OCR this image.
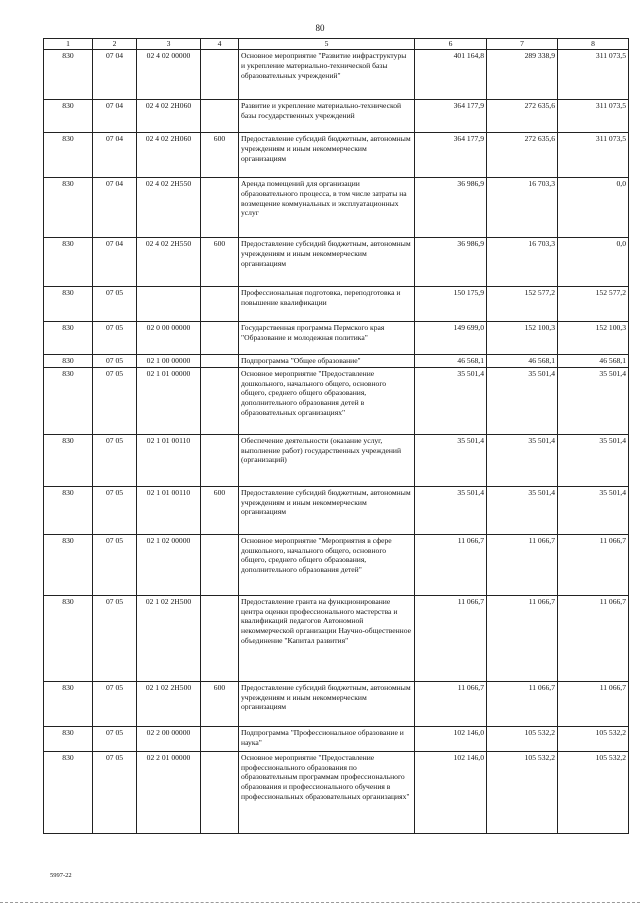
80
1	2	3	4	5	6	7	8
830	07 04	02 4 02 00000		Основное мероприятие "Развитие инфраструктуры и укрепление материально-технической базы образовательных учреждений"	401 164,8	289 338,9	311 073,5
830	07 04	02 4 02 2Н060		Развитие и укрепление материально-технической базы государственных учреждений	364 177,9	272 635,6	311 073,5
830	07 04	02 4 02 2Н060	600	Предоставление субсидий бюджетным, автономным учреждениям и иным некоммерческим организациям	364 177,9	272 635,6	311 073,5
830	07 04	02 4 02 2Н550		Аренда помещений для организации образовательного процесса, в том числе затраты на возмещение коммунальных и эксплуатационных услуг	36 986,9	16 703,3	0,0
830	07 04	02 4 02 2Н550	600	Предоставление субсидий бюджетным, автономным учреждениям и иным некоммерческим организациям	36 986,9	16 703,3	0,0
830	07 05			Профессиональная подготовка, переподготовка и повышение квалификации	150 175,9	152 577,2	152 577,2
830	07 05	02 0 00 00000		Государственная программа Пермского края "Образование и молодежная политика"	149 699,0	152 100,3	152 100,3
830	07 05	02 1 00 00000		Подпрограмма "Общее образование"	46 568,1	46 568,1	46 568,1
830	07 05	02 1 01 00000		Основное мероприятие "Предоставление дошкольного, начального общего, основного общего, среднего общего образования, дополнительного образования детей в образовательных организациях"	35 501,4	35 501,4	35 501,4
830	07 05	02 1 01 00110		Обеспечение деятельности (оказание услуг, выполнение работ) государственных учреждений (организаций)	35 501,4	35 501,4	35 501,4
830	07 05	02 1 01 00110	600	Предоставление субсидий бюджетным, автономным учреждениям и иным некоммерческим организациям	35 501,4	35 501,4	35 501,4
830	07 05	02 1 02 00000		Основное мероприятие "Мероприятия в сфере дошкольного, начального общего, основного общего, среднего общего образования, дополнительного образования детей"	11 066,7	11 066,7	11 066,7
830	07 05	02 1 02 2Н500		Предоставление гранта на функционирование центра оценки профессионального мастерства и квалификаций педагогов Автономной некоммерческой организации Научно-общественное объединение "Капитал развития"	11 066,7	11 066,7	11 066,7
830	07 05	02 1 02 2Н500	600	Предоставление субсидий бюджетным, автономным учреждениям и иным некоммерческим организациям	11 066,7	11 066,7	11 066,7
830	07 05	02 2 00 00000		Подпрограмма "Профессиональное образование и наука"	102 146,0	105 532,2	105 532,2
830	07 05	02 2 01 00000		Основное мероприятие "Предоставление профессионального образования по образовательным программам профессионального образования и профессионального обучения в профессиональных образовательных организациях"	102 146,0	105 532,2	105 532,2
5997-22
